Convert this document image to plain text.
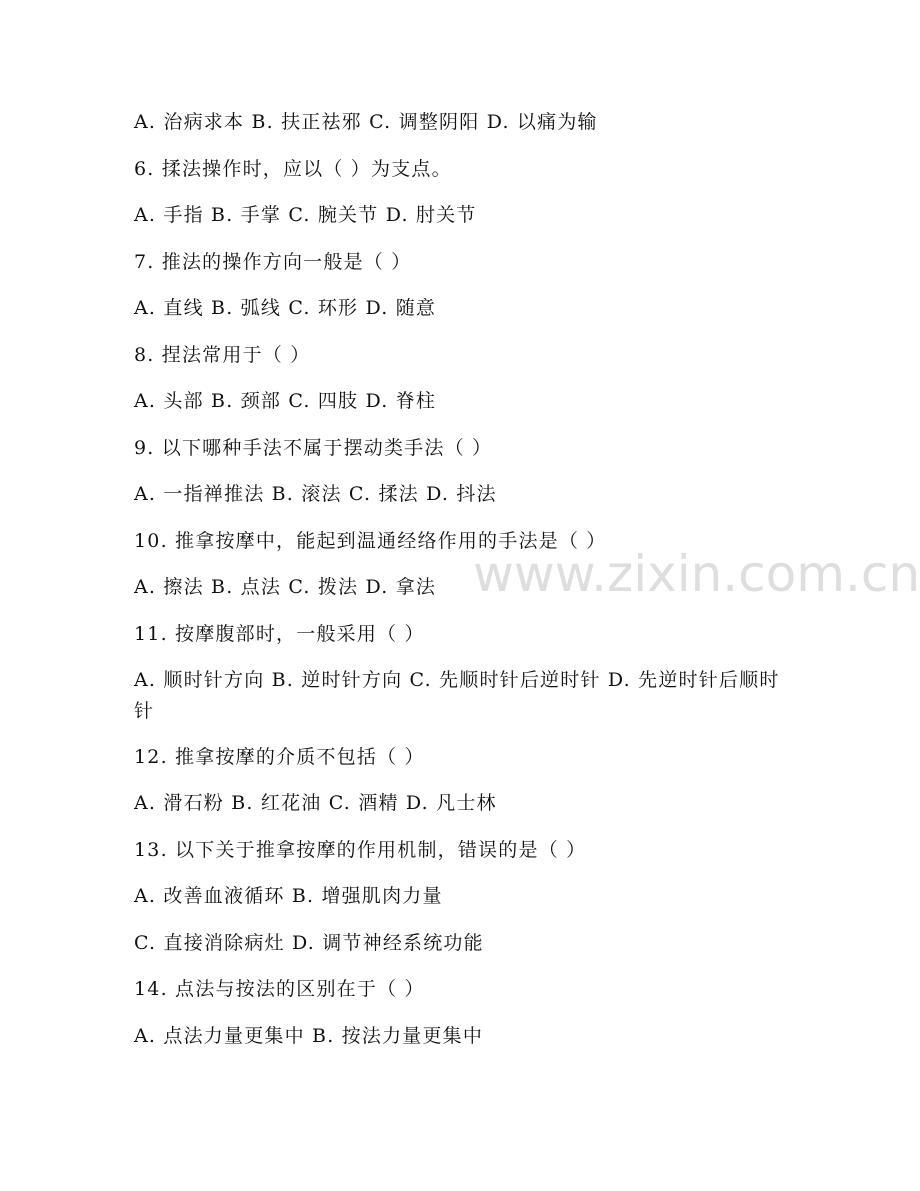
A. 治病求本 B. 扶正祛邪 C. 调整阴阳 D. 以痛为输
6. 揉法操作时，应以（ ）为支点。
A. 手指 B. 手掌 C. 腕关节 D. 肘关节
7. 推法的操作方向一般是（ ）
A. 直线 B. 弧线 C. 环形 D. 随意
8. 捏法常用于（ ）
A. 头部 B. 颈部 C. 四肢 D. 脊柱
9. 以下哪种手法不属于摆动类手法（ ）
A. 一指禅推法 B. 滚法 C. 揉法 D. 抖法
10. 推拿按摩中，能起到温通经络作用的手法是（ ）
A. 擦法 B. 点法 C. 拨法 D. 拿法
11. 按摩腹部时，一般采用（ ）
A. 顺时针方向 B. 逆时针方向 C. 先顺时针后逆时针 D. 先逆时针后顺时针
12. 推拿按摩的介质不包括（ ）
A. 滑石粉 B. 红花油 C. 酒精 D. 凡士林
13. 以下关于推拿按摩的作用机制，错误的是（ ）
A. 改善血液循环 B. 增强肌肉力量
C. 直接消除病灶 D. 调节神经系统功能
14. 点法与按法的区别在于（ ）
A. 点法力量更集中 B. 按法力量更集中
www.zixin.com.cn
